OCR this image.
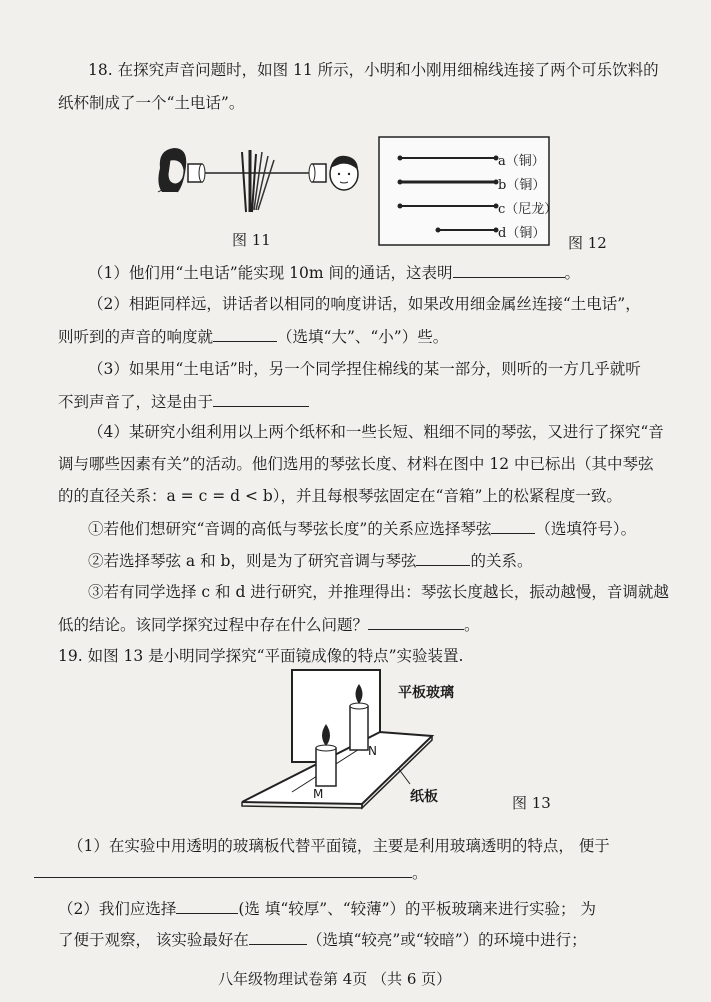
18. 在探究声音问题时，如图 11 所示，小明和小刚用细棉线连接了两个可乐饮料的
纸杯制成了一个“土电话”。
图 11
a（铜）
b（铜）
c（尼龙）
d（铜）
图 12
（1）他们用“土电话”能实现 10m 间的通话，这表明	。
（2）相距同样远，讲话者以相同的响度讲话，如果改用细金属丝连接“土电话”，
则听到的声音的响度就	（选填“大”、“小”）些。
（3）如果用“土电话”时，另一个同学捏住棉线的某一部分，则听的一方几乎就听
不到声音了，这是由于
（4）某研究小组利用以上两个纸杯和一些长短、粗细不同的琴弦，又进行了探究“音
调与哪些因素有关”的活动。他们选用的琴弦长度、材料在图中 12 中已标出（其中琴弦
的的直径关系：a = c = d < b），并且每根琴弦固定在“音箱”上的松紧程度一致。
①若他们想研究“音调的高低与琴弦长度”的关系应选择琴弦	（选填符号）。
②若选择琴弦 a 和 b，则是为了研究音调与琴弦	的关系。
③若有同学选择 c 和 d 进行研究，并推理得出：琴弦长度越长，振动越慢，音调就越
低的结论。该同学探究过程中存在什么问题？	。
19. 如图 13 是小明同学探究“平面镜成像的特点”实验装置.
平板玻璃
N
M	纸板	图 13
（1）在实验中用透明的玻璃板代替平面镜，主要是利用玻璃透明的特点， 便于
。
（2）我们应选择	(选 填“较厚”、“较薄”）的平板玻璃来进行实验； 为
了便于观察， 该实验最好在	（选填“较亮”或“较暗”）的环境中进行；
八年级物理试卷第 4页 （共 6 页）
